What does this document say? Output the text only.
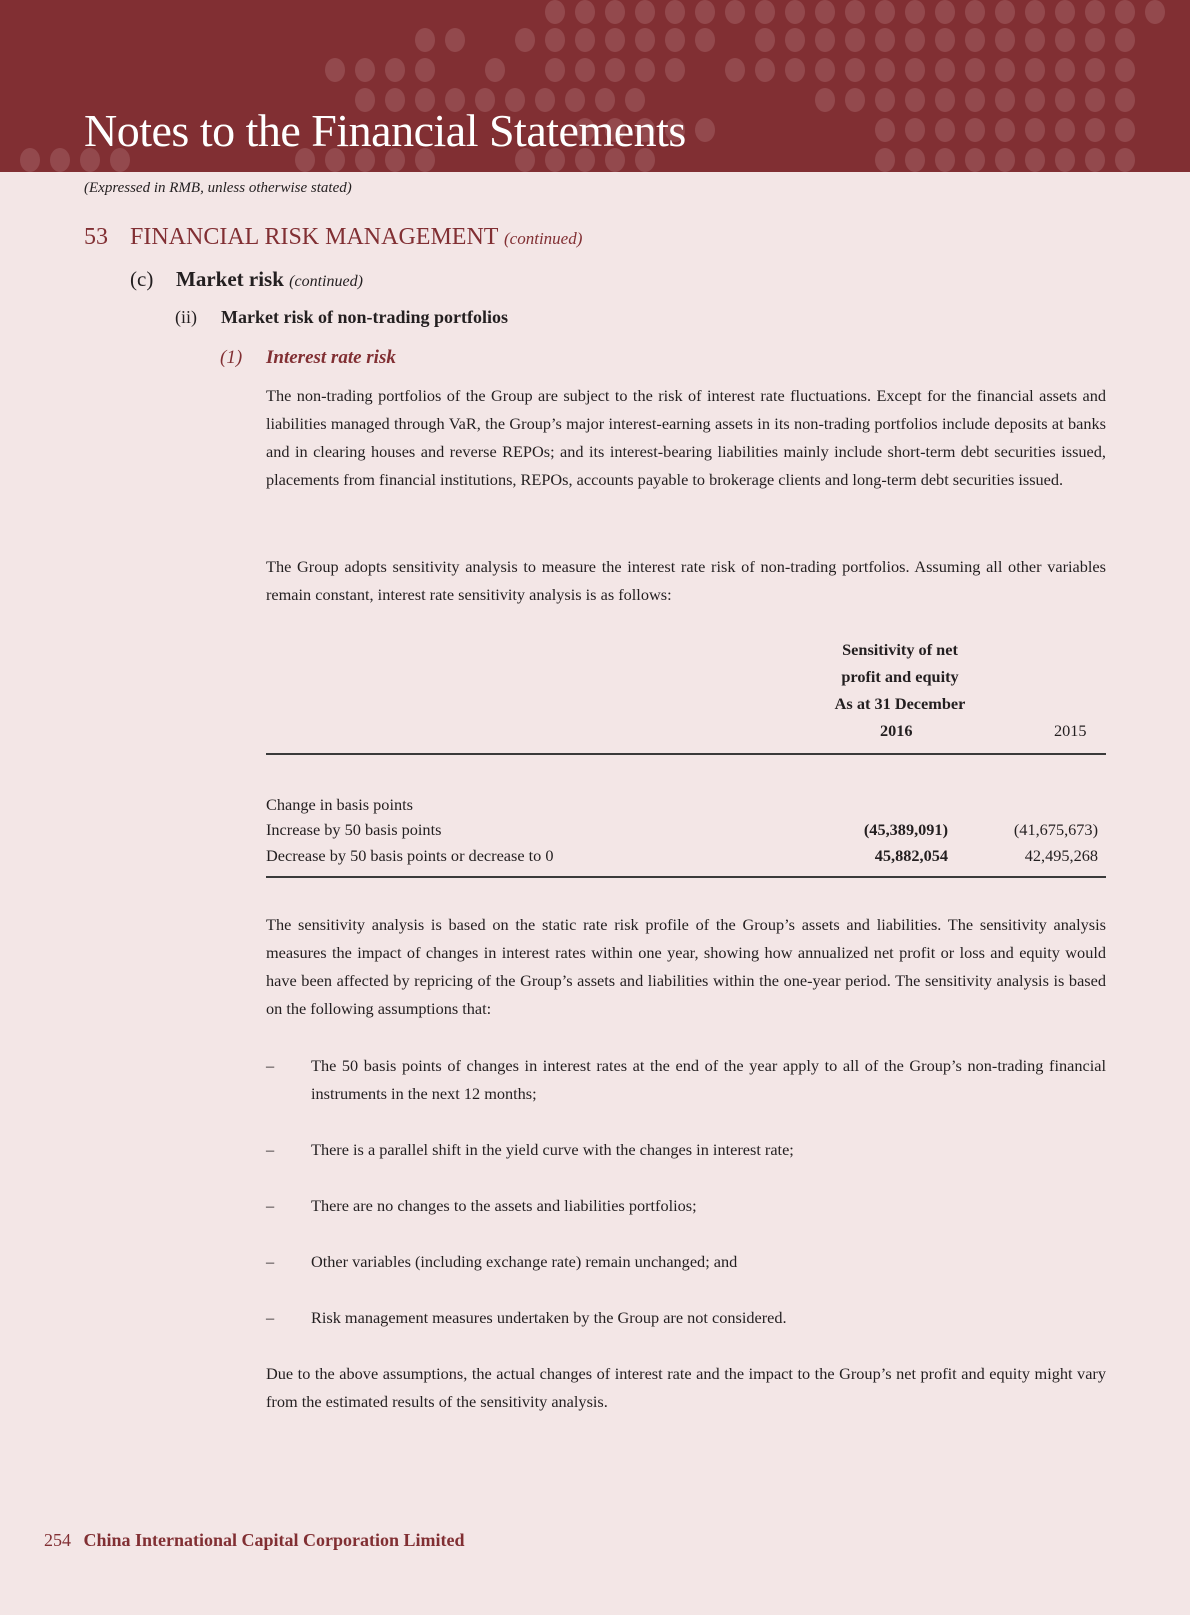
Notes to the Financial Statements
(Expressed in RMB, unless otherwise stated)
53 FINANCIAL RISK MANAGEMENT (continued)
(c) Market risk (continued)
(ii) Market risk of non-trading portfolios
(1) Interest rate risk
The non-trading portfolios of the Group are subject to the risk of interest rate fluctuations. Except for the financial assets and liabilities managed through VaR, the Group’s major interest-earning assets in its non-trading portfolios include deposits at banks and in clearing houses and reverse REPOs; and its interest-bearing liabilities mainly include short-term debt securities issued, placements from financial institutions, REPOs, accounts payable to brokerage clients and long-term debt securities issued.
The Group adopts sensitivity analysis to measure the interest rate risk of non-trading portfolios. Assuming all other variables remain constant, interest rate sensitivity analysis is as follows:
Sensitivity of net
profit and equity
As at 31 December
2016	2015
Change in basis points
Increase by 50 basis points	(45,389,091)	(41,675,673)
Decrease by 50 basis points or decrease to 0	45,882,054	42,495,268
The sensitivity analysis is based on the static rate risk profile of the Group’s assets and liabilities. The sensitivity analysis measures the impact of changes in interest rates within one year, showing how annualized net profit or loss and equity would have been affected by repricing of the Group’s assets and liabilities within the one-year period. The sensitivity analysis is based on the following assumptions that:
– The 50 basis points of changes in interest rates at the end of the year apply to all of the Group’s non-trading financial instruments in the next 12 months;
– There is a parallel shift in the yield curve with the changes in interest rate;
– There are no changes to the assets and liabilities portfolios;
– Other variables (including exchange rate) remain unchanged; and
– Risk management measures undertaken by the Group are not considered.
Due to the above assumptions, the actual changes of interest rate and the impact to the Group’s net profit and equity might vary from the estimated results of the sensitivity analysis.
254 China International Capital Corporation Limited
